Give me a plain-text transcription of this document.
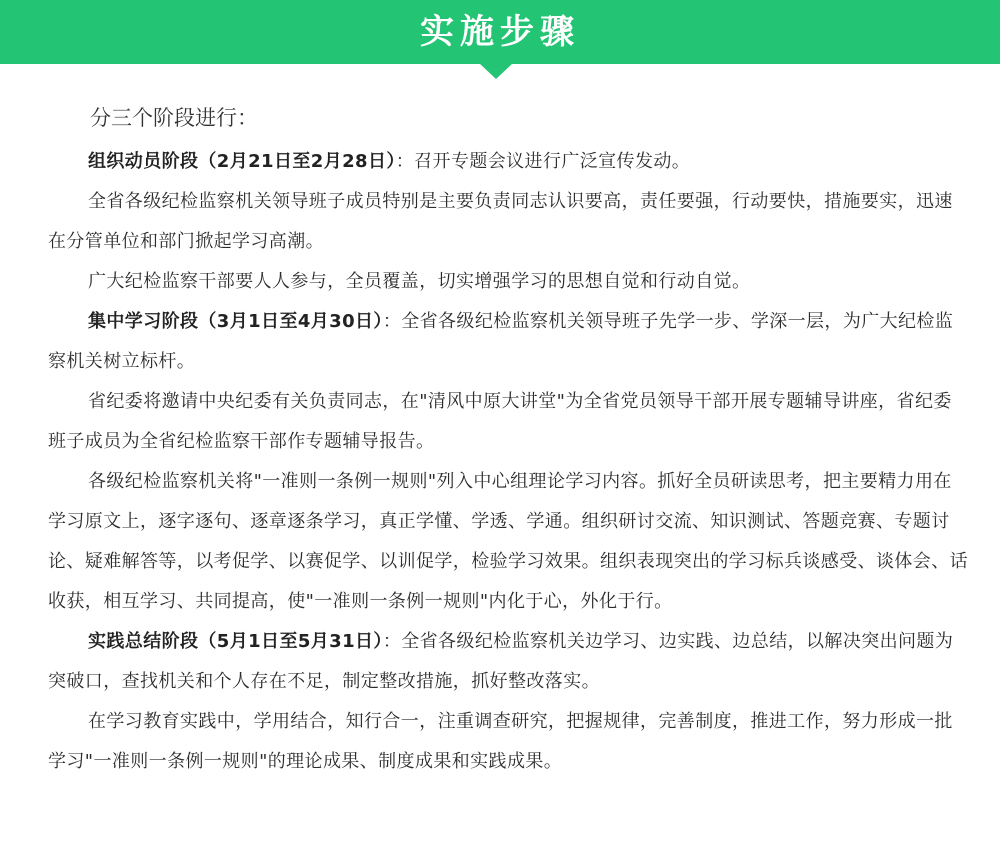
实施步骤

分三个阶段进行：

组织动员阶段（2月21日至2月28日）：召开专题会议进行广泛宣传发动。

全省各级纪检监察机关领导班子成员特别是主要负责同志认识要高，责任要强，行动要快，措施要实，迅速在分管单位和部门掀起学习高潮。

广大纪检监察干部要人人参与，全员覆盖，切实增强学习的思想自觉和行动自觉。

集中学习阶段（3月1日至4月30日）：全省各级纪检监察机关领导班子先学一步、学深一层，为广大纪检监察机关树立标杆。

省纪委将邀请中央纪委有关负责同志，在"清风中原大讲堂"为全省党员领导干部开展专题辅导讲座，省纪委班子成员为全省纪检监察干部作专题辅导报告。

各级纪检监察机关将"一准则一条例一规则"列入中心组理论学习内容。抓好全员研读思考，把主要精力用在学习原文上，逐字逐句、逐章逐条学习，真正学懂、学透、学通。组织研讨交流、知识测试、答题竞赛、专题讨论、疑难解答等，以考促学、以赛促学、以训促学，检验学习效果。组织表现突出的学习标兵谈感受、谈体会、话收获，相互学习、共同提高，使"一准则一条例一规则"内化于心，外化于行。

实践总结阶段（5月1日至5月31日）：全省各级纪检监察机关边学习、边实践、边总结，以解决突出问题为突破口，查找机关和个人存在不足，制定整改措施，抓好整改落实。

在学习教育实践中，学用结合，知行合一，注重调查研究，把握规律，完善制度，推进工作，努力形成一批学习"一准则一条例一规则"的理论成果、制度成果和实践成果。
